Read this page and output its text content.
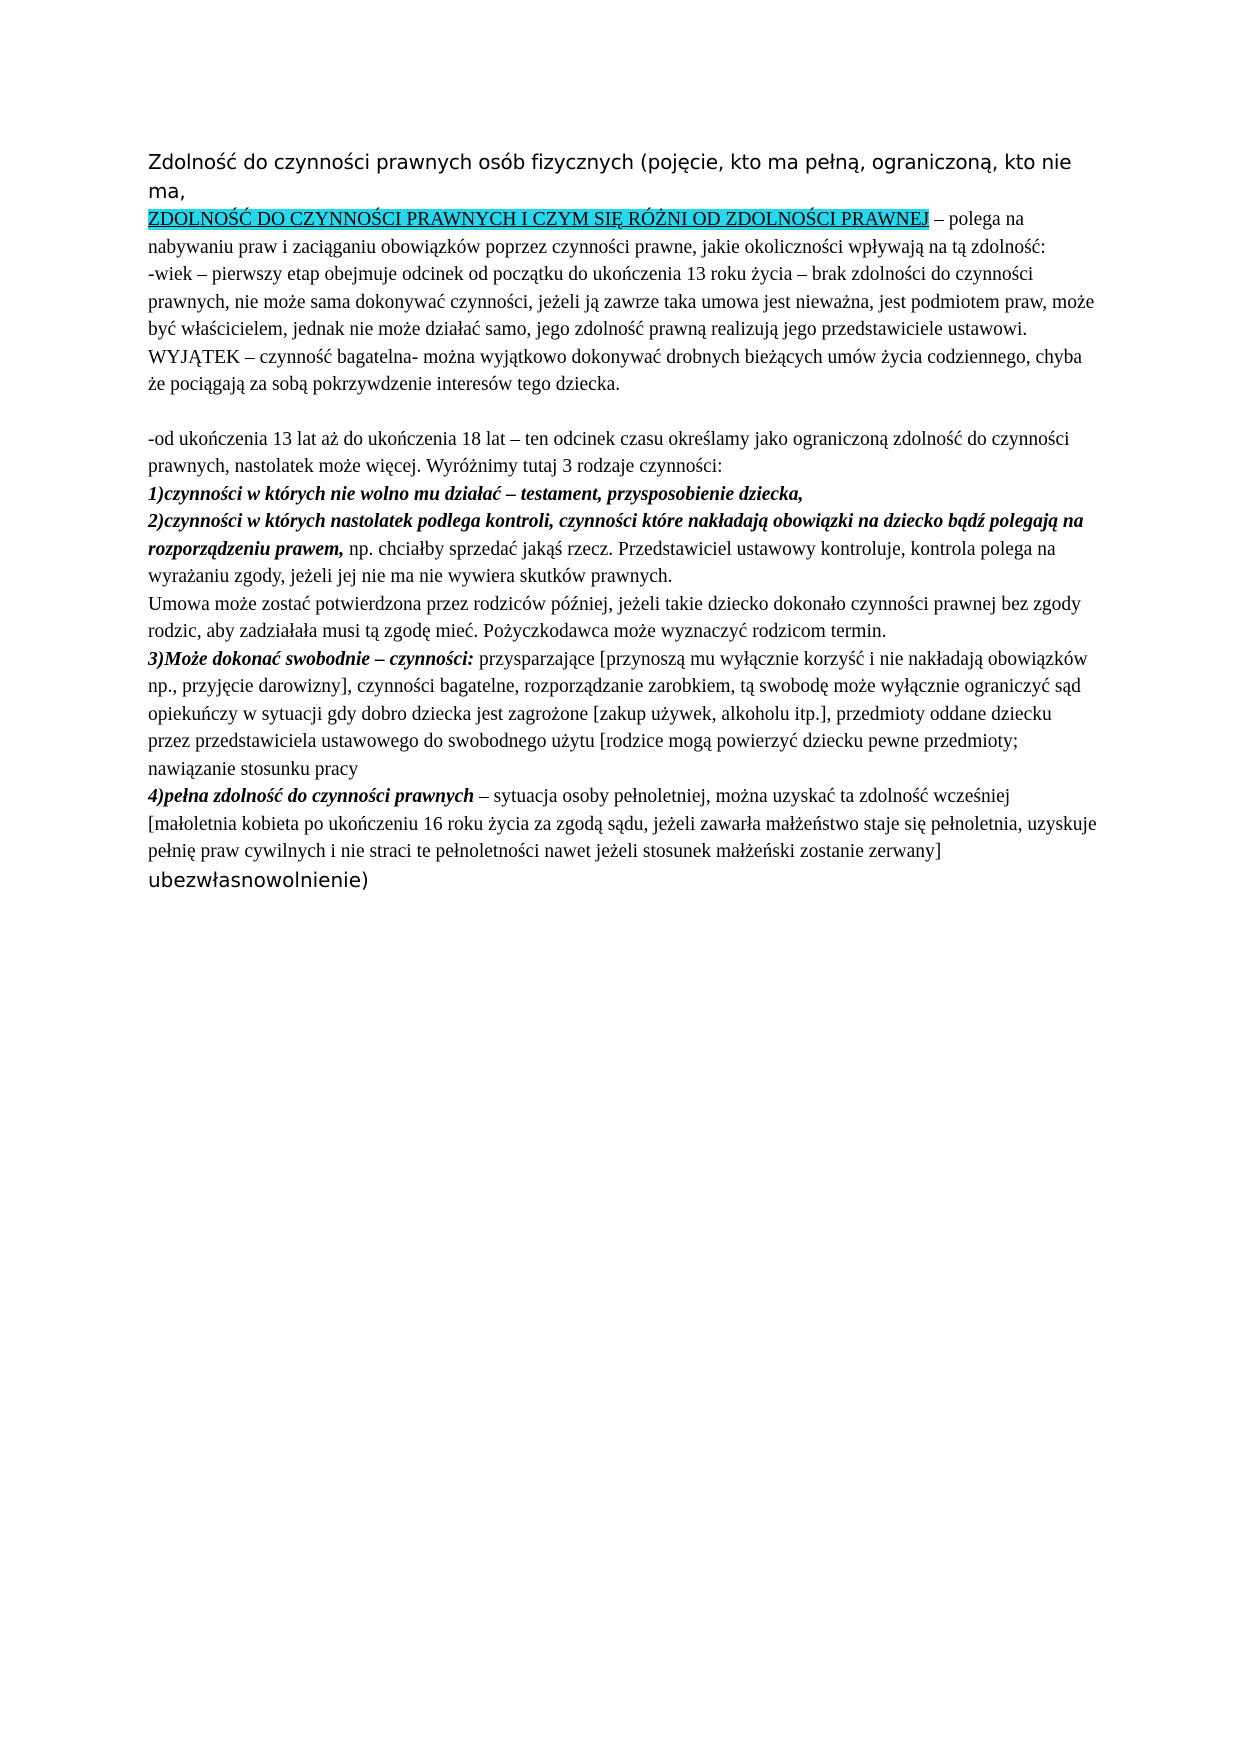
Zdolność do czynności prawnych osób fizycznych (pojęcie, kto ma pełną, ograniczoną, kto nie ma,

ZDOLNOŚĆ DO CZYNNOŚCI PRAWNYCH I CZYM SIĘ RÓŻNI OD ZDOLNOŚCI PRAWNEJ – polega na nabywaniu praw i zaciąganiu obowiązków poprzez czynności prawne, jakie okoliczności wpływają na tą zdolność:

-wiek – pierwszy etap obejmuje odcinek od początku do ukończenia 13 roku życia – brak zdolności do czynności prawnych, nie może sama dokonywać czynności, jeżeli ją zawrze taka umowa jest nieważna, jest podmiotem praw, może być właścicielem, jednak nie może działać samo, jego zdolność prawną realizują jego przedstawiciele ustawowi. WYJĄTEK – czynność bagatelna- można wyjątkowo dokonywać drobnych bieżących umów życia codziennego, chyba że pociągają za sobą pokrzywdzenie interesów tego dziecka.

-od ukończenia 13 lat aż do ukończenia 18 lat – ten odcinek czasu określamy jako ograniczoną zdolność do czynności prawnych, nastolatek może więcej. Wyróżnimy tutaj 3 rodzaje czynności:

1)czynności w których nie wolno mu działać – testament, przysposobienie dziecka,

2)czynności w których nastolatek podlega kontroli, czynności które nakładają obowiązki na dziecko bądź polegają na rozporządzeniu prawem, np. chciałby sprzedać jakąś rzecz. Przedstawiciel ustawowy kontroluje, kontrola polega na wyrażaniu zgody, jeżeli jej nie ma nie wywiera skutków prawnych.

Umowa może zostać potwierdzona przez rodziców później, jeżeli takie dziecko dokonało czynności prawnej bez zgody rodzic, aby zadziałała musi tą zgodę mieć. Pożyczkodawca może wyznaczyć rodzicom termin.

3)Może dokonać swobodnie – czynności: przysparzające [przynoszą mu wyłącznie korzyść i nie nakładają obowiązków np., przyjęcie darowizny], czynności bagatelne, rozporządzanie zarobkiem, tą swobodę może wyłącznie ograniczyć sąd opiekuńczy w sytuacji gdy dobro dziecka jest zagrożone [zakup używek, alkoholu itp.], przedmioty oddane dziecku przez przedstawiciela ustawowego do swobodnego użytu [rodzice mogą powierzyć dziecku pewne przedmioty; nawiązanie stosunku pracy

4)pełna zdolność do czynności prawnych – sytuacja osoby pełnoletniej, można uzyskać ta zdolność wcześniej [małoletnia kobieta po ukończeniu 16 roku życia za zgodą sądu, jeżeli zawarła małżeństwo staje się pełnoletnia, uzyskuje pełnię praw cywilnych i nie straci te pełnoletności nawet jeżeli stosunek małżeński zostanie zerwany]

ubezwłasnowolnienie)
